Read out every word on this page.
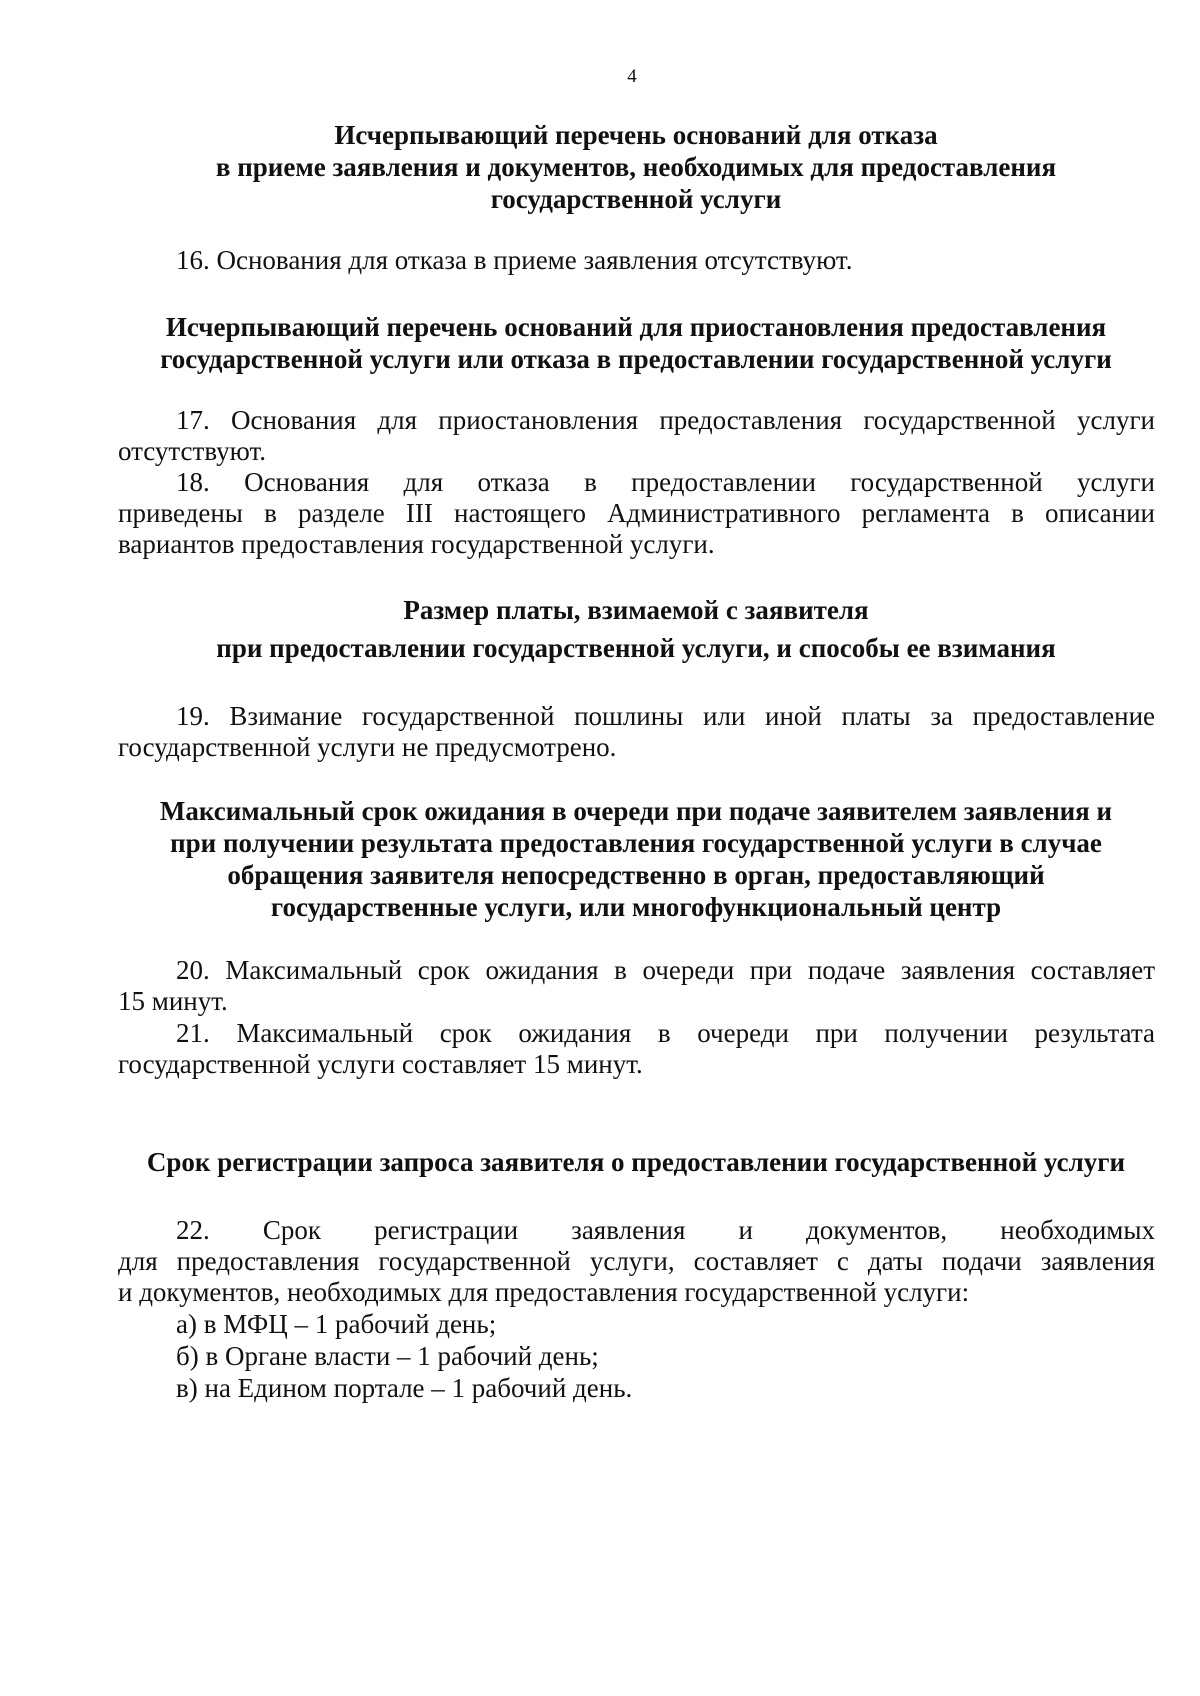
4
Исчерпывающий перечень оснований для отказа
в приеме заявления и документов, необходимых для предоставления
государственной услуги
16. Основания для отказа в приеме заявления отсутствуют.
Исчерпывающий перечень оснований для приостановления предоставления
государственной услуги или отказа в предоставлении государственной услуги
17. Основания для приостановления предоставления государственной услуги
отсутствуют.
18. Основания для отказа в предоставлении государственной услуги
приведены в разделе III настоящего Административного регламента в описании
вариантов предоставления государственной услуги.
Размер платы, взимаемой с заявителя
при предоставлении государственной услуги, и способы ее взимания
19. Взимание государственной пошлины или иной платы за предоставление
государственной услуги не предусмотрено.
Максимальный срок ожидания в очереди при подаче заявителем заявления и
при получении результата предоставления государственной услуги в случае
обращения заявителя непосредственно в орган, предоставляющий
государственные услуги, или многофункциональный центр
20. Максимальный срок ожидания в очереди при подаче заявления составляет
15 минут.
21. Максимальный срок ожидания в очереди при получении результата
государственной услуги составляет 15 минут.
Срок регистрации запроса заявителя о предоставлении государственной услуги
22. Срок регистрации заявления и документов, необходимых
для предоставления государственной услуги, составляет с даты подачи заявления
и документов, необходимых для предоставления государственной услуги:
а) в МФЦ – 1 рабочий день;
б) в Органе власти – 1 рабочий день;
в) на Едином портале – 1 рабочий день.
